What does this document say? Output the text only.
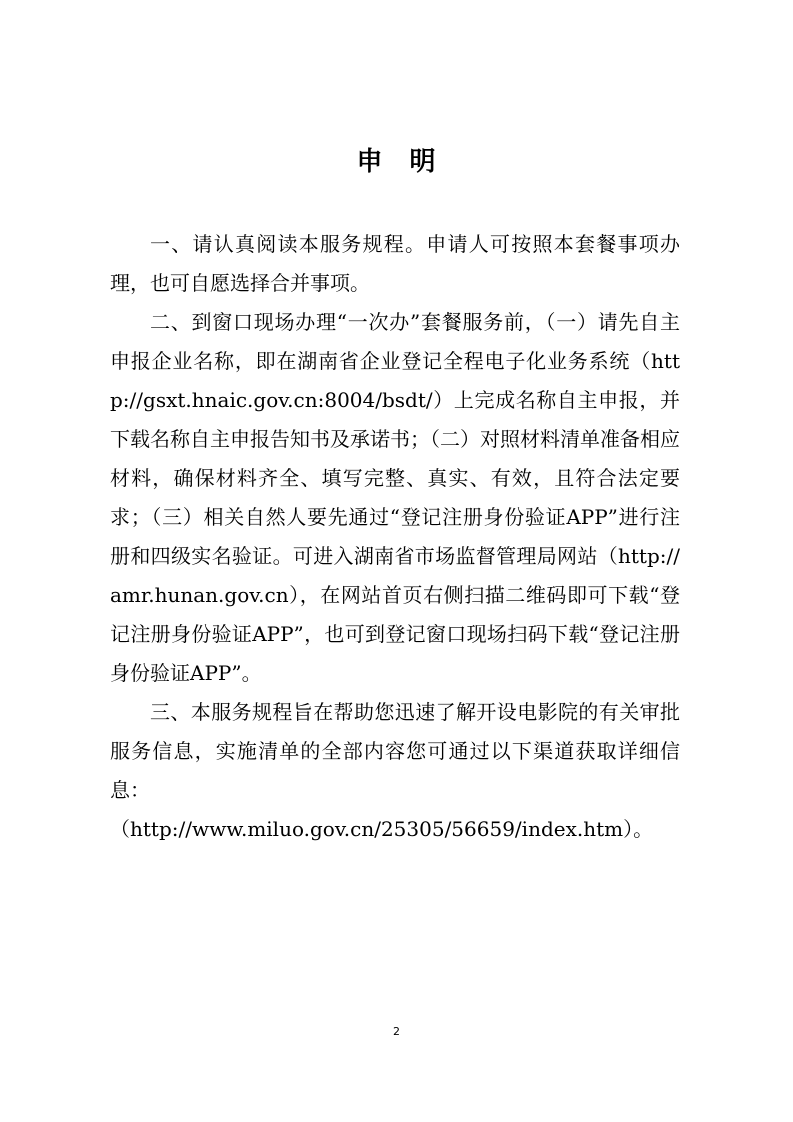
申 明

一、请认真阅读本服务规程。申请人可按照本套餐事项办理，也可自愿选择合并事项。

二、到窗口现场办理“一次办”套餐服务前，（一）请先自主申报企业名称，即在湖南省企业登记全程电子化业务系统（http://gsxt.hnaic.gov.cn:8004/bsdt/）上完成名称自主申报，并下载名称自主申报告知书及承诺书；（二）对照材料清单准备相应材料，确保材料齐全、填写完整、真实、有效，且符合法定要求；（三）相关自然人要先通过“登记注册身份验证APP”进行注册和四级实名验证。可进入湖南省市场监督管理局网站（http://amr.hunan.gov.cn），在网站首页右侧扫描二维码即可下载“登记注册身份验证APP”，也可到登记窗口现场扫码下载“登记注册身份验证APP”。

三、本服务规程旨在帮助您迅速了解开设电影院的有关审批服务信息，实施清单的全部内容您可通过以下渠道获取详细信息：

（http://www.miluo.gov.cn/25305/56659/index.htm）。

2
